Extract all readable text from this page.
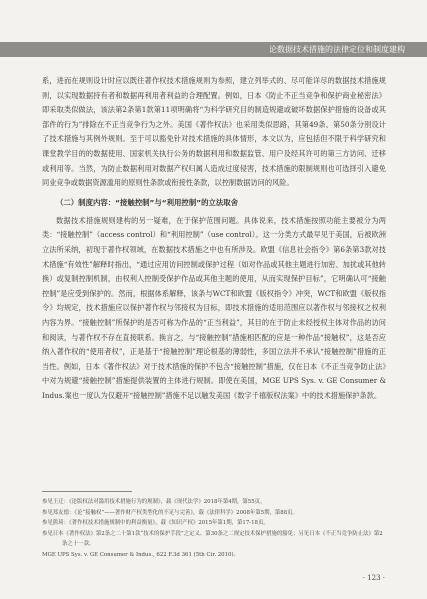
论数据技术措施的法律定位和制度建构

系，进而在规则设计时应以既往著作权技术措施规则为参照，建立列举式的、尽可能详尽的数据技术措施规则，以实现数据持有者和数据再利用者利益的合理配置。例如，日本《防止不正当竞争和保护商业秘密法》即采取类似做法，该法第2条第1款第11项明确将“为科学研究目的制造规避或破坏数据保护措施的设备或其部件的行为”排除在不正当竞争行为之外。美国《著作权法》也采用类似思路，其第49条、第50条分别设计了技术措施与其例外规则。至于可以豁免针对技术措施的具体情形，本文以为，应包括但不限于科学研究和课堂教学目的的数据使用、国家机关执行公务的数据利用和数据监管、用户及经其许可的第三方访问、迁移或利用等。当然，为防止数据利用对数据产权归属人造成过度侵害，技术措施的限制规则也可选择引入避免同业竞争或数据资源滥用的原则性条款或衔接性条款，以控制数据访问的风险。

（二）制度内容：“接触控制”与“利用控制”的立法取舍

数据技术措施规则建构的另一疑难，在于保护范围问题。具体说来，技术措施按照功能主要被分为两类：“接触控制”（access control）和“利用控制”（use control）。这一分类方式最早见于美国，后被欧洲立法所采纳，初现于著作权领域，在数据技术措施之中也有所涉及。欧盟《信息社会指令》第6条第3款对技术措施“有效性”解释时指出，“通过应用访问控制或保护过程（如对作品或其他主题进行加密、加扰或其他转换）或复制控制机制，由权利人控制受保护作品或其他主题的使用，从而实现保护目标”，它明确认可“接触控制”是应受到保护的。然而，根据体系解释，该条与WCT和欧盟《版权指令》冲突，WCT和欧盟《版权指令》均规定，技术措施应以保护著作权与邻接权为目标，即技术措施的适用范围应以著作权与邻接权之权利内容为界。“接触控制”所保护的是否可称为作品的“正当利益”，其目的在于防止未经授权主体对作品的访问和阅读，与著作权不存在直接联系。换言之，与“接触控制”措施相匹配的应是一种作品“接触权”，这是否应纳入著作权的“使用者权”，正是基于“接触控制”理论根基的薄弱性，多国立法并不承认“接触控制”措施的正当性。例如，日本《著作权法》对于技术措施的保护不包含“接触控制”措施，仅在日本《不正当竞争防止法》中对为规避“接触控制”措施提供装置的主体进行规制。即使在美国，MGE UPS Sys. v. GE Consumer & Indus.案也一度认为仅避开“接触控制”措施不足以触发美国《数字千禧版权法案》中的技术措施保护条款。

参见王迁：《论版权法对滥用技术措施行为的规制》，载《现代法学》2018年第4期，第55页。

参见郑友德：《论“接触权”——著作财产权类型化的不足与完善》，载《法律科学》2008年第5期，第88页。

参见熊琦：《著作权技术措施规制中的利益衡量》，载《知识产权》2015年第1期，第17-18页。

参见日本《著作权法》第2条之二十第1款“技术的保护手段”之定义、第30条之二规定技术保护措施的豁免；另见日本《不正当竞争防止法》第2条之十一款。

MGE UPS Sys. v. GE Consumer & Indus., 622 F.3d 361 (5th Cir. 2010).

· 123 ·
